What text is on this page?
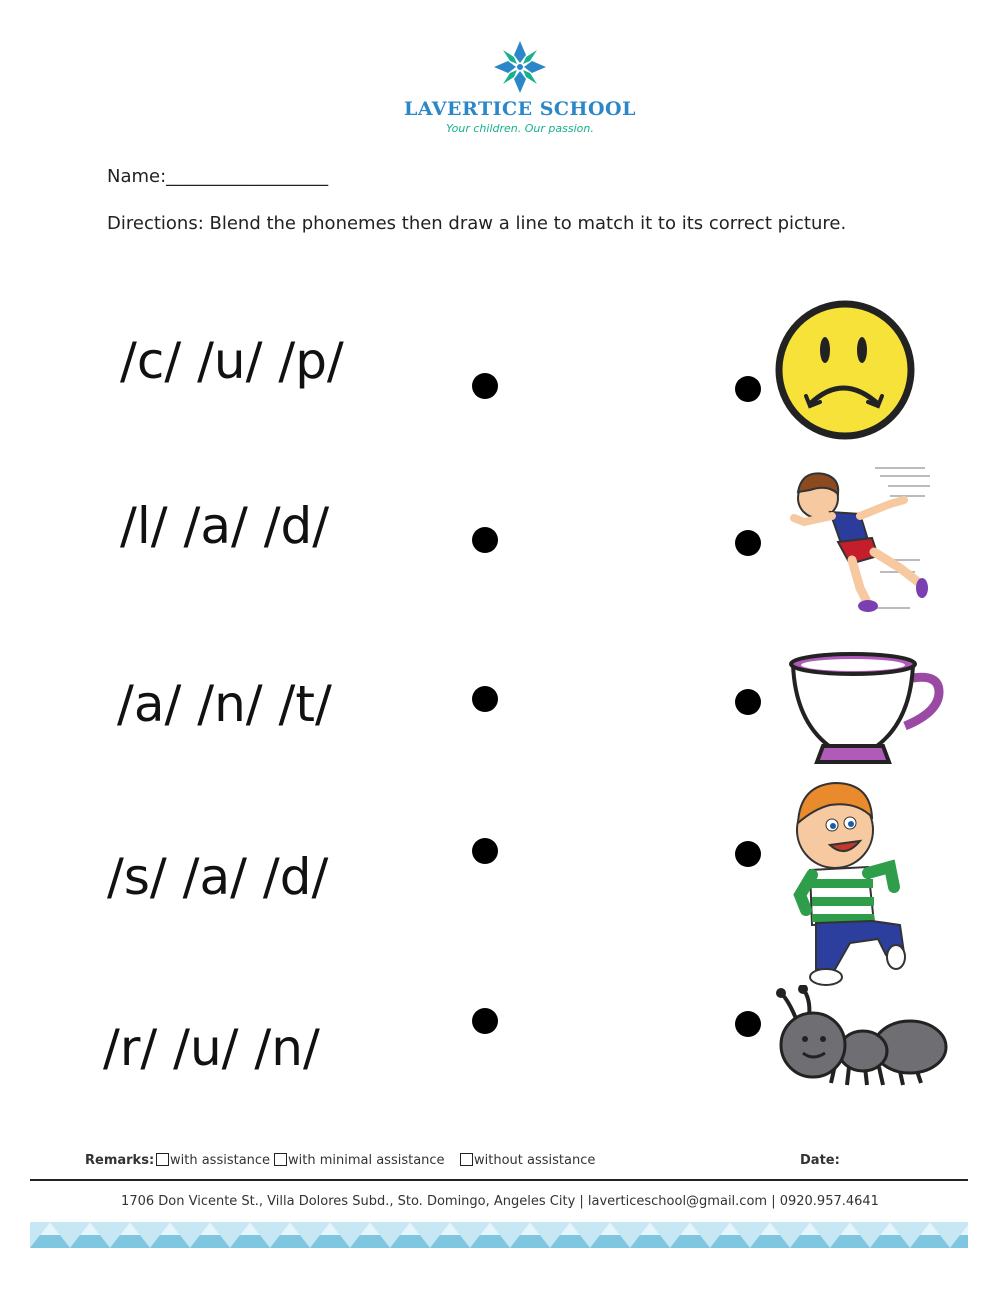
LAVERTICE SCHOOL
Your children. Our passion.
Name:__________________
Directions: Blend the phonemes then draw a line to match it to its correct picture.
/c/ /u/ /p/
/l/ /a/ /d/
/a/ /n/ /t/
/s/ /a/ /d/
/r/ /u/ /n/
Remarks:	with assistance	with minimal assistance	without assistance	Date:
1706 Don Vicente St., Villa Dolores Subd., Sto. Domingo, Angeles City | laverticeschool@gmail.com | 0920.957.4641
